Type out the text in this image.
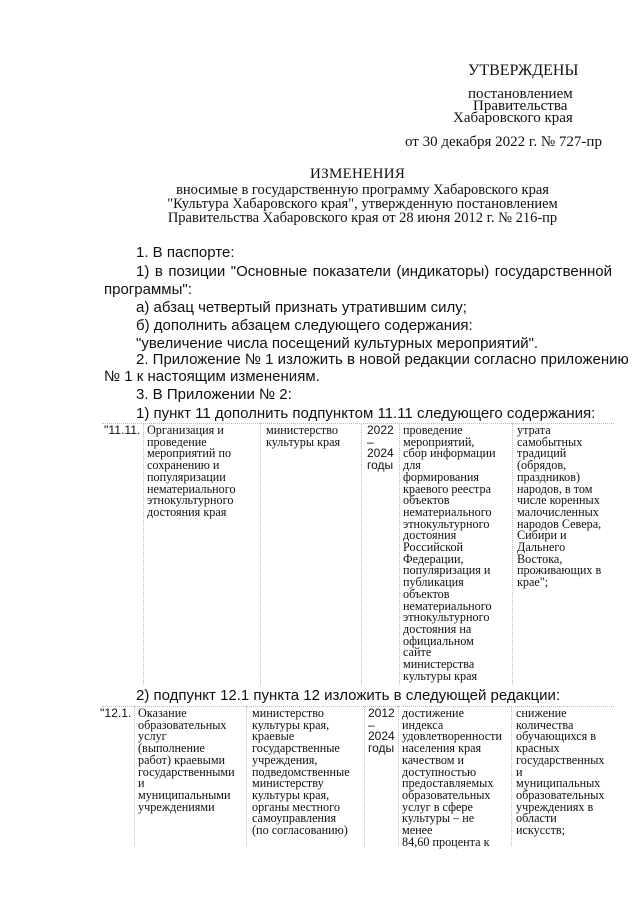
УТВЕРЖДЕНЫ
постановлением
Правительства
Хабаровского края
от 30 декабря 2022 г. № 727-пр
ИЗМЕНЕНИЯ
вносимые в государственную программу Хабаровского края
"Культура Хабаровского края", утвержденную постановлением
Правительства Хабаровского края от 28 июня 2012 г. № 216-пр
1. В паспорте:
1) в позиции "Основные показатели (индикаторы) государственной
программы":
а) абзац четвертый признать утратившим силу;
б) дополнить абзацем следующего содержания:
"увеличение числа посещений культурных мероприятий".
2. Приложение № 1 изложить в новой редакции согласно приложению
№ 1 к настоящим изменениям.
3. В Приложении № 2:
1) пункт 11 дополнить подпунктом 11.11 следующего содержания:
2) подпункт 12.1 пункта 12 изложить в следующей редакции:
"11.11. Организация и
проведение
мероприятий по
сохранению и
популяризации
нематериального
этнокультурного
достояния края
министерство
культуры края
2022
–
2024
годы
проведение
мероприятий,
сбор информации
для
формирования
краевого реестра
объектов
нематериального
этнокультурного
достояния
Российской
Федерации,
популяризация и
публикация
объектов
нематериального
этнокультурного
достояния на
официальном
сайте
министерства
культуры края
утрата
самобытных
традиций
(обрядов,
праздников)
народов, в том
числе коренных
малочисленных
народов Севера,
Сибири и
Дальнего
Востока,
проживающих в
крае";
"12.1. Оказание
образовательных
услуг
(выполнение
работ) краевыми
государственными
и
муниципальными
учреждениями
министерство
культуры края,
краевые
государственные
учреждения,
подведомственные
министерству
культуры края,
органы местного
самоуправления
(по согласованию)
2012
–
2024
годы
достижение
индекса
удовлетворенности
населения края
качеством и
доступностью
предоставляемых
образовательных
услуг в сфере
культуры – не
менее
84,60 процента к
снижение
количества
обучающихся в
красных
государственных
и
муниципальных
образовательных
учреждениях в
области
искусств;
